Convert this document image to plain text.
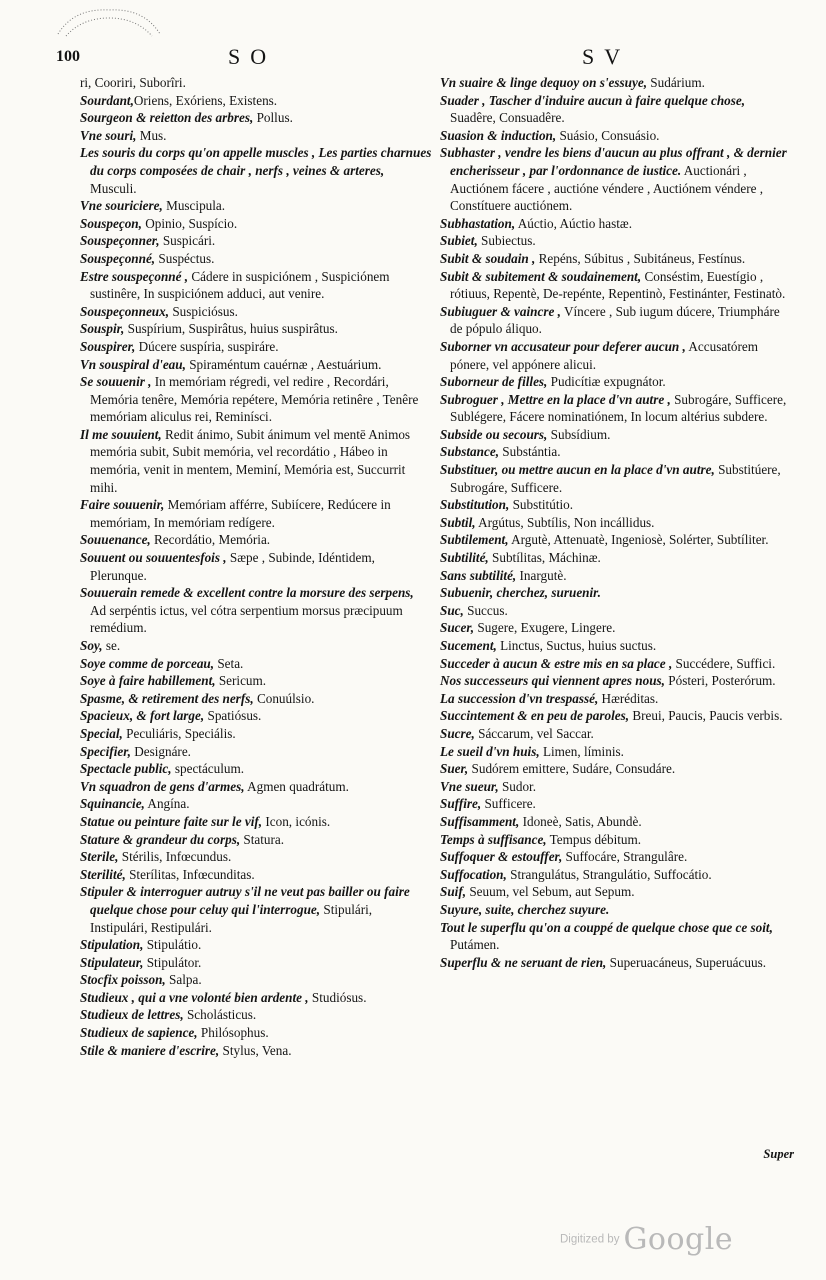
100	SO	SV

ri, Cooriri, Suborîri.

Sourdant,Oriens, Exóriens, Existens.

Sourgeon & reietton des arbres, Pollus.

Vne souri, Mus.

Les souris du corps qu'on appelle muscles , Les parties charnues du corps composées de chair , nerfs , veines & arteres, Musculi.

Vne souriciere, Muscipula.

Souspeçon, Opinio, Suspício.

Souspeçonner, Suspicári.

Souspeçonné, Suspéctus.

Estre souspeçonné , Cádere in suspiciónem , Suspiciónem sustinêre, In suspiciónem adduci, aut venire.

Souspeçonneux, Suspiciósus.

Souspir, Suspírium, Suspirâtus, huius suspirâtus.

Souspirer, Dúcere suspíria, suspiráre.

Vn souspiral d'eau, Spiraméntum cauérnæ , Aestuárium.

Se souuenir , In memóriam régredi, vel redire , Recordári, Memória tenêre, Memória repétere, Memória retinêre , Tenêre memóriam aliculus rei, Reminísci.

Il me souuient, Redit ánimo, Subit ánimum vel mentē Animos memória subit, Subit memória, vel recordátio , Hábeo in memória, venit in mentem, Meminí, Memória est, Succurrit mihi.

Faire souuenir, Memóriam afférre, Subiícere, Redúcere in memóriam, In memóriam redígere.

Souuenance, Recordátio, Memória.

Souuent ou souuentesfois , Sæpe , Subinde, Idéntidem, Plerunque.

Souuerain remede & excellent contre la morsure des serpens, Ad serpéntis ictus, vel cótra serpentium morsus præcipuum remédium.

Soy, se.

Soye comme de porceau, Seta.

Soye à faire habillement, Sericum.

Spasme, & retirement des nerfs, Conuúlsio.

Spacieux, & fort large, Spatiósus.

Special, Peculiáris, Speciális.

Specifier, Designáre.

Spectacle public, spectáculum.

Vn squadron de gens d'armes, Agmen quadrátum.

Squinancie, Angína.

Statue ou peinture faite sur le vif, Icon, icónis.

Stature & grandeur du corps, Statura.

Sterile, Stérilis, Infœcundus.

Sterilité, Sterílitas, Infœcunditas.

Stipuler & interroguer autruy s'il ne veut pas bailler ou faire quelque chose pour celuy qui l'interrogue, Stipulári, Instipulári, Restipulári.

Stipulation, Stipulátio.

Stipulateur, Stipulátor.

Stocfix poisson, Salpa.

Studieux , qui a vne volonté bien ardente , Studiósus.

Studieux de lettres, Scholásticus.

Studieux de sapience, Philósophus.

Stile & maniere d'escrire, Stylus, Vena.

Vn suaire & linge dequoy on s'essuye, Sudárium.

Suader , Tascher d'induire aucun à faire quelque chose, Suadêre, Consuadêre.

Suasion & induction, Suásio, Consuásio.

Subhaster , vendre les biens d'aucun au plus offrant , & dernier encherisseur , par l'ordonnance de iustice. Auctionári , Auctiónem fácere , auctióne véndere , Auctiónem véndere , Constítuere auctiónem.

Subhastation, Aúctio, Aúctio hastæ.

Subiet, Subiectus.

Subit & soudain , Repéns, Súbitus , Subitáneus, Festínus.

Subit & subitement & soudainement, Conséstim, Euestígio , rótiuus, Repentè, De-repénte, Repentinò, Festinánter, Festinatò.

Subiuguer & vaincre , Víncere , Sub iugum dúcere, Triumpháre de pópulo áliquo.

Suborner vn accusateur pour deferer aucun , Accusatórem pónere, vel appónere alicui.

Suborneur de filles, Pudicítiæ expugnátor.

Subroguer , Mettre en la place d'vn autre , Subrogáre, Sufficere, Sublégere, Fácere nominatiónem, In locum altérius subdere.

Subside ou secours, Subsídium.

Substance, Substántia.

Substituer, ou mettre aucun en la place d'vn autre, Substitúere, Subrogáre, Sufficere.

Substitution, Substitútio.

Subtil, Argútus, Subtílis, Non incállidus.

Subtilement, Argutè, Attenuatè, Ingeniosè, Solérter, Subtíliter.

Subtilité, Subtílitas, Máchinæ.

Sans subtilité, Inargutè.

Subuenir, cherchez, suruenir.

Suc, Succus.

Sucer, Sugere, Exugere, Lingere.

Sucement, Linctus, Suctus, huius suctus.

Succeder à aucun & estre mis en sa place , Succédere, Suffici.

Nos successeurs qui viennent apres nous, Pósteri, Posterórum.

La succession d'vn trespassé, Hæréditas.

Succintement & en peu de paroles, Breui, Paucis, Paucis verbis.

Sucre, Sáccarum, vel Saccar.

Le sueil d'vn huis, Limen, líminis.

Suer, Sudórem emittere, Sudáre, Consudáre.

Vne sueur, Sudor.

Suffire, Sufficere.

Suffisamment, Idoneè, Satis, Abundè.

Temps à suffisance, Tempus débitum.

Suffoquer & estouffer, Suffocáre, Strangulâre.

Suffocation, Strangulátus, Strangulátio, Suffocátio.

Suif, Seuum, vel Sebum, aut Sepum.

Suyure, suite, cherchez suyure.

Tout le superflu qu'on a couppé de quelque chose que ce soit, Putámen.

Superflu & ne seruant de rien, Superuacáneus, Superuácuus.

Super
Digitized by Google
